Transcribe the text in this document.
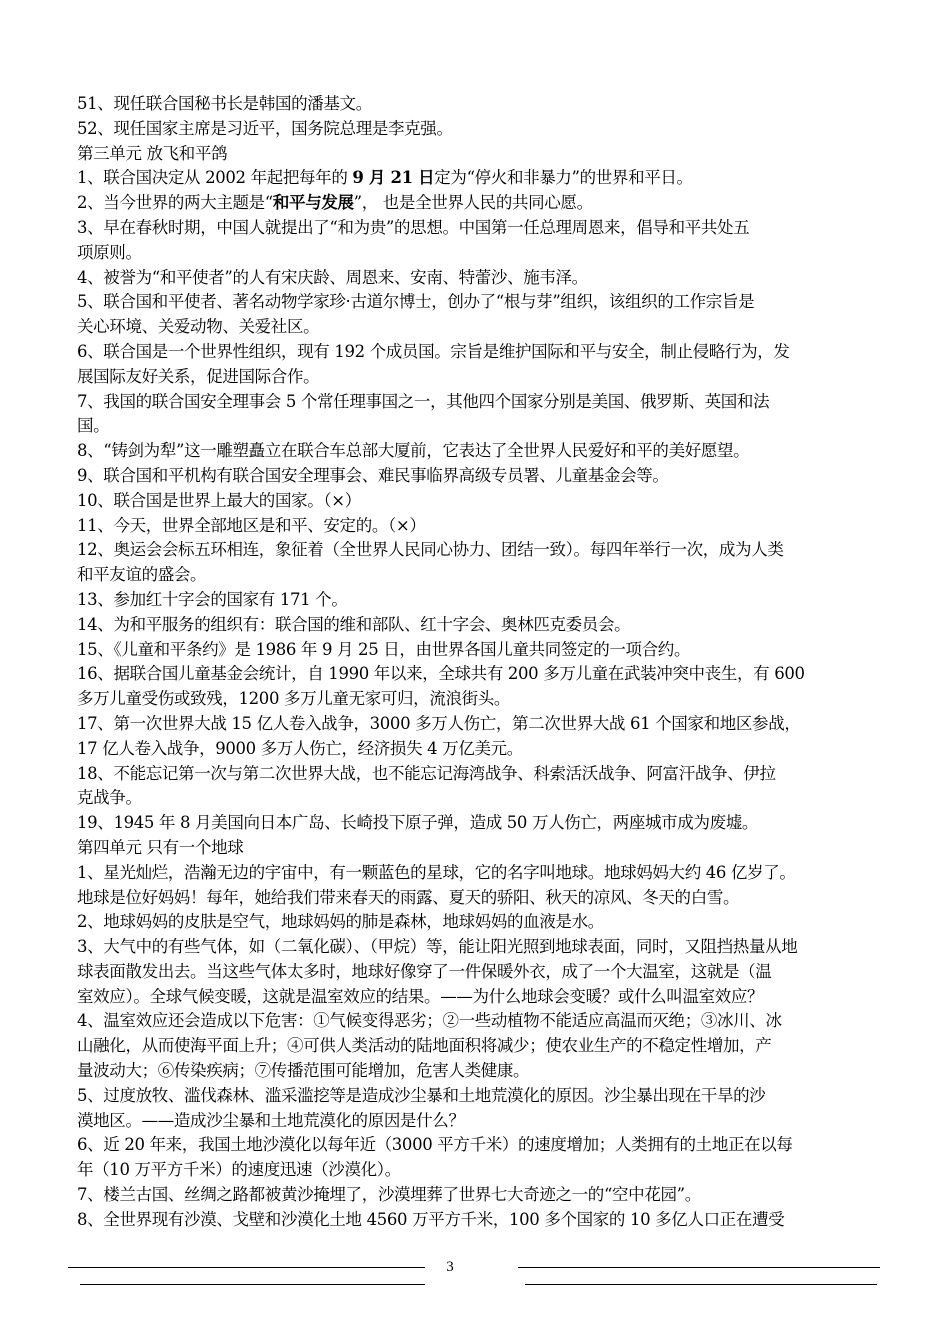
51、现任联合国秘书长是韩国的潘基文。
52、现任国家主席是习近平，国务院总理是李克强。
第三单元 放飞和平鸽
1、联合国决定从 2002 年起把每年的 9 月 21 日定为“停火和非暴力”的世界和平日。
2、当今世界的两大主题是“和平与发展”， 也是全世界人民的共同心愿。
3、早在春秋时期，中国人就提出了“和为贵”的思想。中国第一任总理周恩来，倡导和平共处五
项原则。
4、被誉为“和平使者”的人有宋庆龄、周恩来、安南、特蕾沙、施韦泽。
5、联合国和平使者、著名动物学家珍·古道尔博士，创办了“根与芽”组织，该组织的工作宗旨是
关心环境、关爱动物、关爱社区。
6、联合国是一个世界性组织，现有 192 个成员国。宗旨是维护国际和平与安全，制止侵略行为，发
展国际友好关系，促进国际合作。
7、我国的联合国安全理事会 5 个常任理事国之一，其他四个国家分别是美国、俄罗斯、英国和法
国。
8、“铸剑为犁”这一雕塑矗立在联合车总部大厦前，它表达了全世界人民爱好和平的美好愿望。
9、联合国和平机构有联合国安全理事会、难民事临界高级专员署、儿童基金会等。
10、联合国是世界上最大的国家。（×）
11、今天，世界全部地区是和平、安定的。（×）
12、奥运会会标五环相连，象征着（全世界人民同心协力、团结一致）。每四年举行一次，成为人类
和平友谊的盛会。
13、参加红十字会的国家有 171 个。
14、为和平服务的组织有：联合国的维和部队、红十字会、奥林匹克委员会。
15、《儿童和平条约》是 1986 年 9 月 25 日，由世界各国儿童共同签定的一项合约。
16、据联合国儿童基金会统计，自 1990 年以来，全球共有 200 多万儿童在武装冲突中丧生，有 600
多万儿童受伤或致残，1200 多万儿童无家可归，流浪街头。
17、第一次世界大战 15 亿人卷入战争，3000 多万人伤亡，第二次世界大战 61 个国家和地区参战，
17 亿人卷入战争，9000 多万人伤亡，经济损失 4 万亿美元。
18、不能忘记第一次与第二次世界大战，也不能忘记海湾战争、科索活沃战争、阿富汗战争、伊拉
克战争。
19、1945 年 8 月美国向日本广岛、长崎投下原子弹，造成 50 万人伤亡，两座城市成为废墟。
第四单元 只有一个地球
1、星光灿烂，浩瀚无边的宇宙中，有一颗蓝色的星球，它的名字叫地球。地球妈妈大约 46 亿岁了。
地球是位好妈妈！每年，她给我们带来春天的雨露、夏天的骄阳、秋天的凉风、冬天的白雪。
2、地球妈妈的皮肤是空气，地球妈妈的肺是森林，地球妈妈的血液是水。
3、大气中的有些气体，如（二氧化碳）、（甲烷）等，能让阳光照到地球表面，同时，又阻挡热量从地
球表面散发出去。当这些气体太多时，地球好像穿了一件保暖外衣，成了一个大温室，这就是（温
室效应）。全球气候变暖，这就是温室效应的结果。——为什么地球会变暖？或什么叫温室效应？
4、温室效应还会造成以下危害：①气候变得恶劣；②一些动植物不能适应高温而灭绝；③冰川、冰
山融化，从而使海平面上升；④可供人类活动的陆地面积将减少；使农业生产的不稳定性增加，产
量波动大；⑥传染疾病；⑦传播范围可能增加，危害人类健康。
5、过度放牧、滥伐森林、滥采滥挖等是造成沙尘暴和土地荒漠化的原因。沙尘暴出现在干旱的沙
漠地区。——造成沙尘暴和土地荒漠化的原因是什么？
6、近 20 年来，我国土地沙漠化以每年近（3000 平方千米）的速度增加；人类拥有的土地正在以每
年（10 万平方千米）的速度迅速（沙漠化）。
7、楼兰古国、丝绸之路都被黄沙掩埋了，沙漠埋葬了世界七大奇迹之一的“空中花园”。
8、全世界现有沙漠、戈壁和沙漠化土地 4560 万平方千米，100 多个国家的 10 多亿人口正在遭受
3
